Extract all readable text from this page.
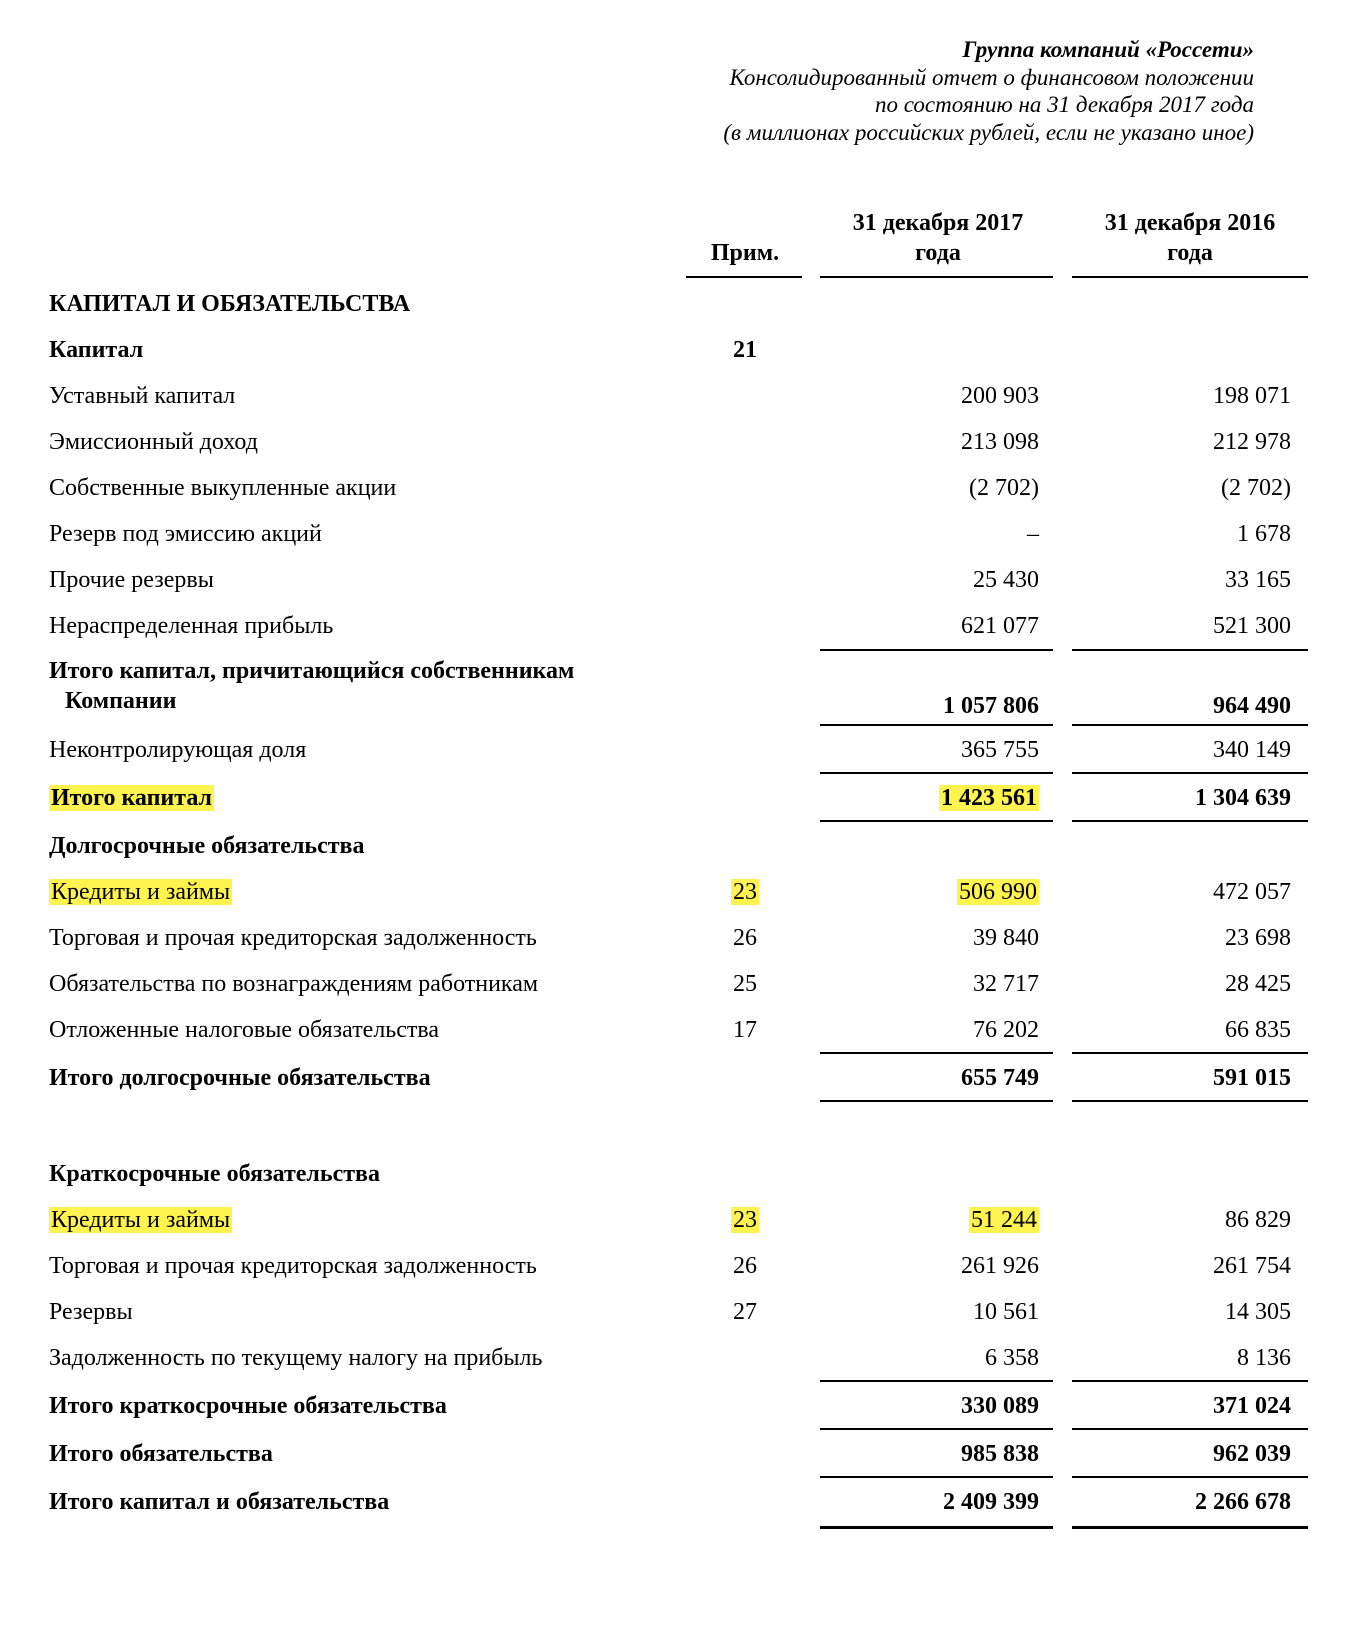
Группа компаний «Россети»
Консолидированный отчет о финансовом положении
по состоянию на 31 декабря 2017 года
(в миллионах российских рублей, если не указано иное)
Прим.
31 декабря 2017
года
31 декабря 2016
года
КАПИТАЛ И ОБЯЗАТЕЛЬСТВА
Капитал	21
Уставный капитал	200 903	198 071
Эмиссионный доход	213 098	212 978
Собственные выкупленные акции	(2 702)	(2 702)
Резерв под эмиссию акций	–	1 678
Прочие резервы	25 430	33 165
Нераспределенная прибыль	621 077	521 300
Итого капитал, причитающийся собственникам
Компании	1 057 806	964 490
Неконтролирующая доля	365 755	340 149
Итого капитал	1 423 561	1 304 639
Долгосрочные обязательства
Кредиты и займы	23	506 990	472 057
Торговая и прочая кредиторская задолженность	26	39 840	23 698
Обязательства по вознаграждениям работникам	25	32 717	28 425
Отложенные налоговые обязательства	17	76 202	66 835
Итого долгосрочные обязательства	655 749	591 015
Краткосрочные обязательства
Кредиты и займы	23	51 244	86 829
Торговая и прочая кредиторская задолженность	26	261 926	261 754
Резервы	27	10 561	14 305
Задолженность по текущему налогу на прибыль	6 358	8 136
Итого краткосрочные обязательства	330 089	371 024
Итого обязательства	985 838	962 039
Итого капитал и обязательства	2 409 399	2 266 678
